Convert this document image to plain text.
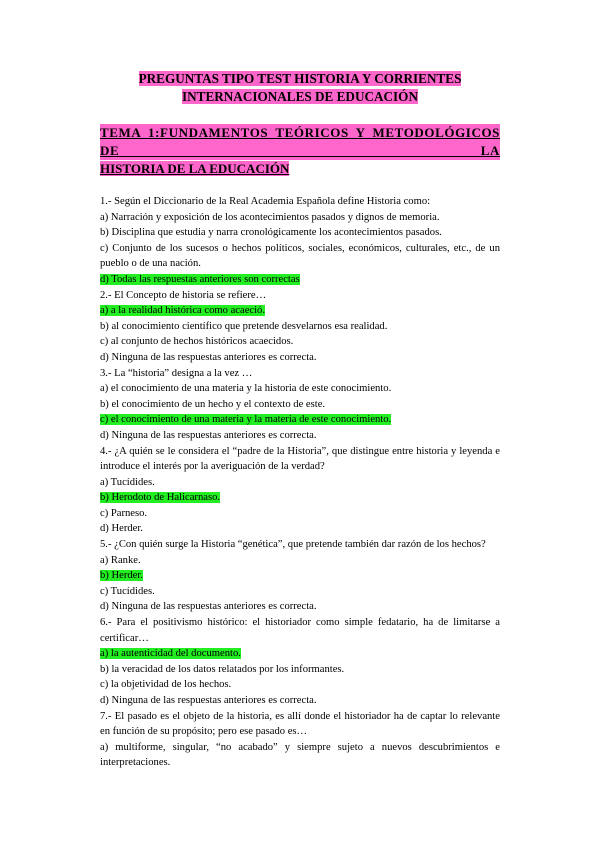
PREGUNTAS TIPO TEST HISTORIA Y CORRIENTES
INTERNACIONALES DE EDUCACIÓN
TEMA 1:FUNDAMENTOS TEÓRICOS Y METODOLÓGICOS DE LA
HISTORIA DE LA EDUCACIÓN

1.- Según el Diccionario de la Real Academia Española define Historia como:

a) Narración y exposición de los acontecimientos pasados y dignos de memoria.

b) Disciplina que estudia y narra cronológicamente los acontecimientos pasados.

c) Conjunto de los sucesos o hechos políticos, sociales, económicos, culturales, etc., de un pueblo o de una nación.

d) Todas las respuestas anteriores son correctas

2.- El Concepto de historia se refiere…

a) a la realidad histórica como acaeció.

b) al conocimiento científico que pretende desvelarnos esa realidad.

c) al conjunto de hechos históricos acaecidos.

d) Ninguna de las respuestas anteriores es correcta.

3.- La “historia” designa a la vez …

a) el conocimiento de una materia y la historia de este conocimiento.

b) el conocimiento de un hecho y el contexto de este.

c) el conocimiento de una materia y la materia de este conocimiento.

d) Ninguna de las respuestas anteriores es correcta.

4.- ¿A quién se le considera el “padre de la Historia”, que distingue entre historia y leyenda e introduce el interés por la averiguación de la verdad?

a) Tucídides.

b) Herodoto de Halicarnaso.

c) Parneso.

d) Herder.

5.- ¿Con quién surge la Historia “genética”, que pretende también dar razón de los hechos?

a) Ranke.

b) Herder.

c) Tucídides.

d) Ninguna de las respuestas anteriores es correcta.

6.- Para el positivismo histórico: el historiador como simple fedatario, ha de limitarse a certificar…

a) la autenticidad del documento.

b) la veracidad de los datos relatados por los informantes.

c) la objetividad de los hechos.

d) Ninguna de las respuestas anteriores es correcta.

7.- El pasado es el objeto de la historia, es allí donde el historiador ha de captar lo relevante en función de su propósito; pero ese pasado es…

a) multiforme, singular, “no acabado” y siempre sujeto a nuevos descubrimientos e interpretaciones.
